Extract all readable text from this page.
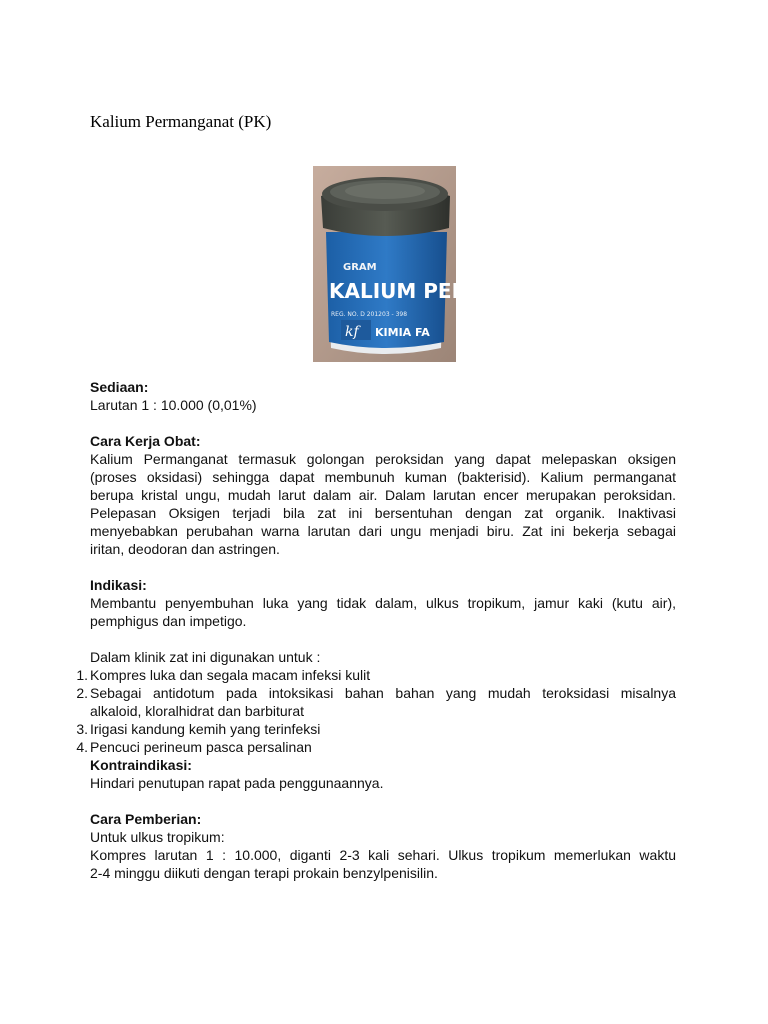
Kalium Permanganat (PK)
GRAM
KALIUM PERM
REG. NO. D 201203 - 398
kf KIMIA FA
Sediaan:
Larutan 1 : 10.000 (0,01%)
Cara Kerja Obat:
Kalium Permanganat termasuk golongan peroksidan yang dapat melepaskan oksigen
(proses oksidasi) sehingga dapat membunuh kuman (bakterisid). Kalium permanganat
berupa kristal ungu, mudah larut dalam air. Dalam larutan encer merupakan peroksidan.
Pelepasan Oksigen terjadi bila zat ini bersentuhan dengan zat organik. Inaktivasi
menyebabkan perubahan warna larutan dari ungu menjadi biru. Zat ini bekerja sebagai
iritan, deodoran dan astringen.
Indikasi:
Membantu penyembuhan luka yang tidak dalam, ulkus tropikum, jamur kaki (kutu air),
pemphigus dan impetigo.
Dalam klinik zat ini digunakan untuk :
1. Kompres luka dan segala macam infeksi kulit
2. Sebagai antidotum pada intoksikasi bahan bahan yang mudah teroksidasi misalnya
alkaloid, kloralhidrat dan barbiturat
3. Irigasi kandung kemih yang terinfeksi
4. Pencuci perineum pasca persalinan
Kontraindikasi:
Hindari penutupan rapat pada penggunaannya.
Cara Pemberian:
Untuk ulkus tropikum:
Kompres larutan 1 : 10.000, diganti 2-3 kali sehari. Ulkus tropikum memerlukan waktu
2-4 minggu diikuti dengan terapi prokain benzylpenisilin.
